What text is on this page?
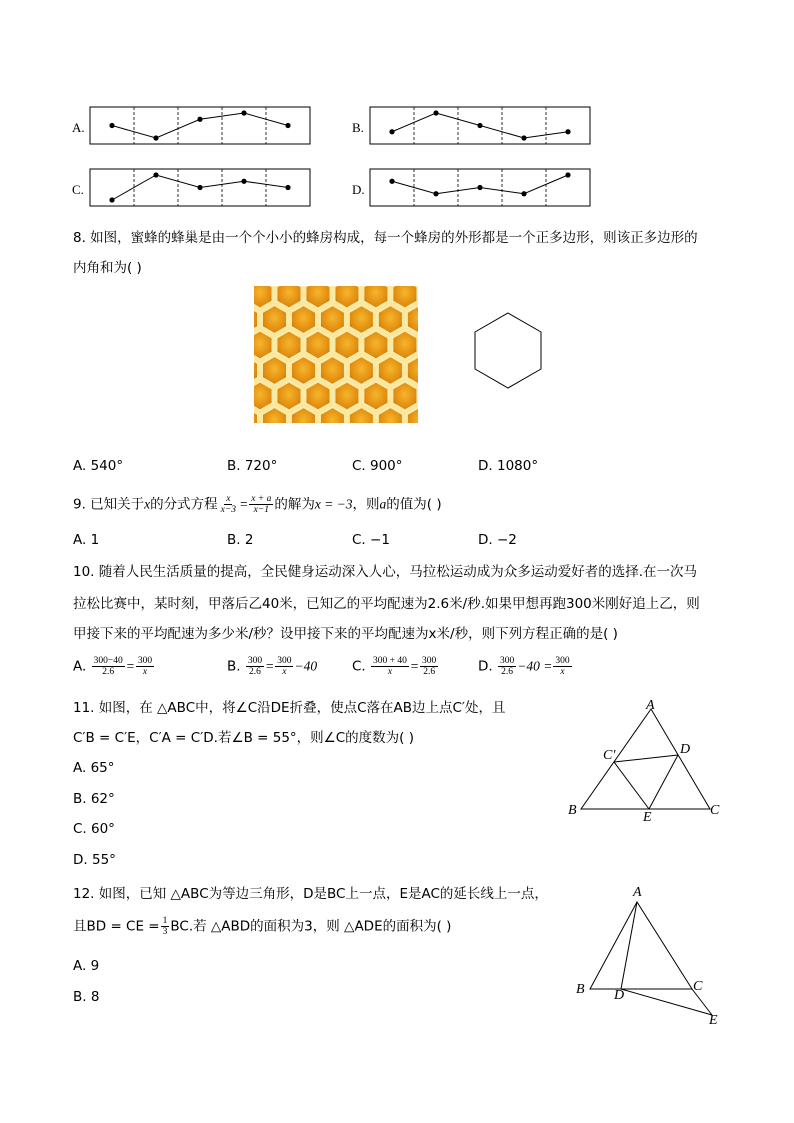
A.	B.
C.	D.
8. 如图，蜜蜂的蜂巢是由一个个小小的蜂房构成，每一个蜂房的外形都是一个正多边形，则该正多边形的
内角和为( )
A. 540°	B. 720°	C. 900°	D. 1080°
9. 已知关于x的分式方程 $\frac{x}{x-3} = \frac{x + a}{x-1}$ 的解为x = −3，则a的值为( )
A. 1	B. 2	C. −1	D. −2
10. 随着人民生活质量的提高，全民健身运动深入人心，马拉松运动成为众多运动爱好者的选择.在一次马
拉松比赛中，某时刻，甲落后乙40米，已知乙的平均配速为2.6米/秒.如果甲想再跑300米刚好追上乙，则
甲接下来的平均配速为多少米/秒？设甲接下来的平均配速为x米/秒，则下列方程正确的是( )
A. $\frac{300-40}{2.6} = \frac{300}{x}$	B. $\frac{300}{2.6} = \frac{300}{x} -40$	C. $\frac{300 + 40}{x} = \frac{300}{2.6}$	D. $\frac{300}{2.6} -40 = \frac{300}{x}$
11. 如图，在 △ABC中，将∠C沿DE折叠，使点C落在AB边上点C′处，且
C′B = C′E，C′A = C′D.若∠B = 55°，则∠C的度数为( )
A. 65°
B. 62°
C. 60°
D. 55°
A
B	C
D
E
C′
12. 如图，已知 △ABC为等边三角形，D是BC上一点，E是AC的延长线上一点，
且BD = CE = $\frac{1}{3}$ BC.若 △ABD的面积为3，则 △ADE的面积为( )
A. 9
B. 8
A
B	C
D
E
